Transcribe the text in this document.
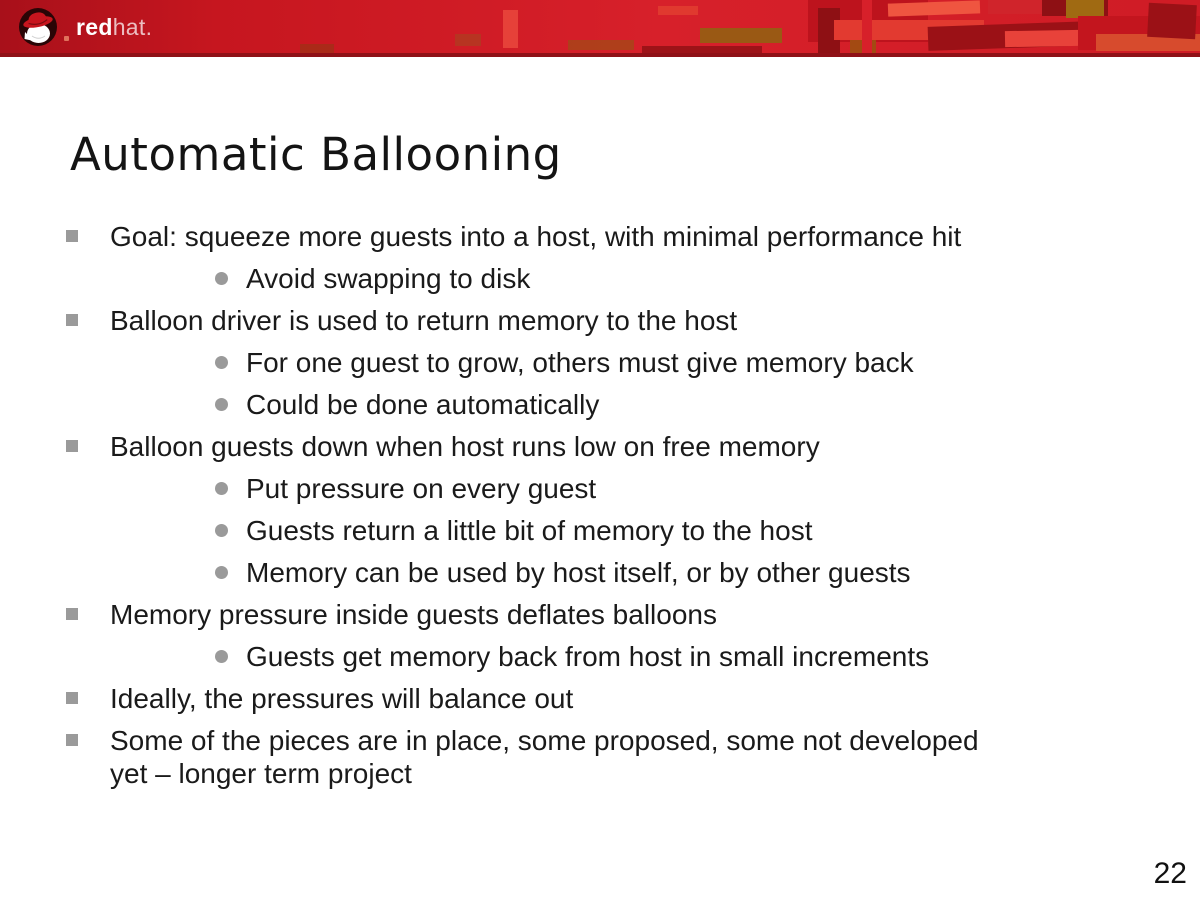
redhat.
Automatic Ballooning
Goal: squeeze more guests into a host, with minimal performance hit
Avoid swapping to disk
Balloon driver is used to return memory to the host
For one guest to grow, others must give memory back
Could be done automatically
Balloon guests down when host runs low on free memory
Put pressure on every guest
Guests return a little bit of memory to the host
Memory can be used by host itself, or by other guests
Memory pressure inside guests deflates balloons
Guests get memory back from host in small increments
Ideally, the pressures will balance out
Some of the pieces are in place, some proposed, some not developed
yet – longer term project
22
